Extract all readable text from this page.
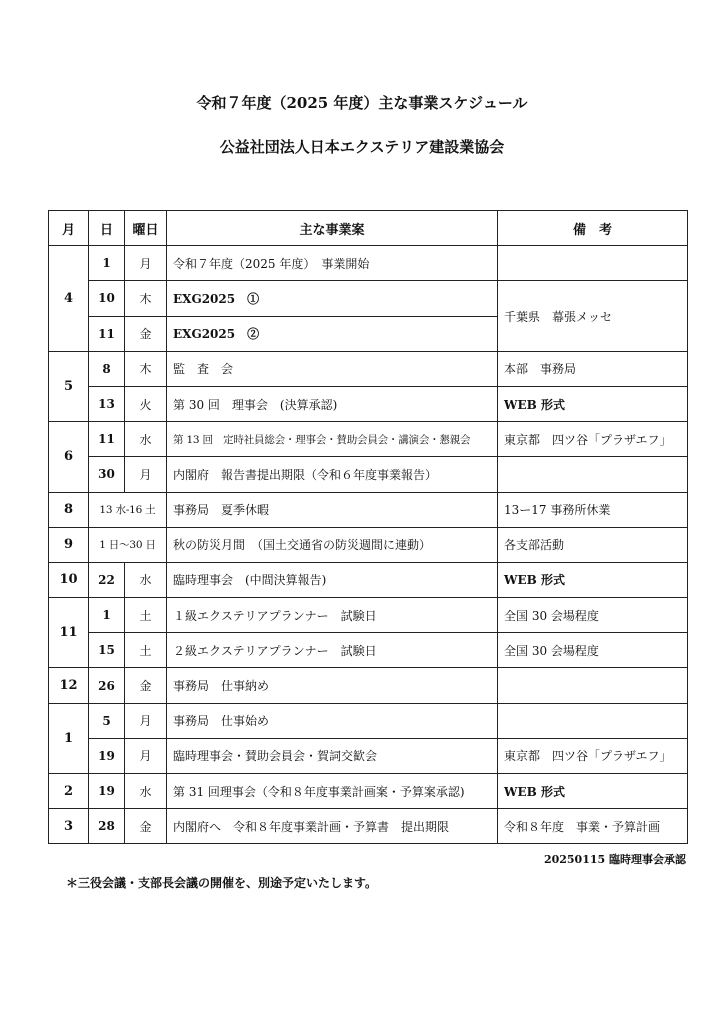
令和７年度（2025 年度）主な事業スケジュール
公益社団法人日本エクステリア建設業協会
月	日	曜日	主な事業案	備　考
4	1	月	令和７年度（2025 年度）　事業開始	
	10	木	EXG2025　①	千葉県　幕張メッセ
	11	金	EXG2025　②	
5	8	木	監　査　会	本部　事務局
	13	火	第 30 回　理事会　(決算承認)	WEB 形式
6	11	水	第 13 回　定時社員総会・理事会・賛助会員会・講演会・懇親会	東京都　四ツ谷「プラザエフ」
	30	月	内閣府　報告書提出期限（令和６年度事業報告）	
8	13 水-16 土		事務局　夏季休暇	13ー17 事務所休業
9	1 日～30 日		秋の防災月間　（国土交通省の防災週間に連動）	各支部活動
10	22	水	臨時理事会　(中間決算報告)	WEB 形式
11	1	土	１級エクステリアプランナー　試験日	全国 30 会場程度
	15	土	２級エクステリアプランナー　試験日	全国 30 会場程度
12	26	金	事務局　仕事納め	
1	5	月	事務局　仕事始め	
	19	月	臨時理事会・賛助会員会・賀詞交歓会	東京都　四ツ谷「プラザエフ」
2	19	水	第 31 回理事会（令和８年度事業計画案・予算案承認)	WEB 形式
3	28	金	内閣府へ　令和８年度事業計画・予算書　提出期限	令和８年度　事業・予算計画
20250115 臨時理事会承認
＊三役会議・支部長会議の開催を、別途予定いたします。
